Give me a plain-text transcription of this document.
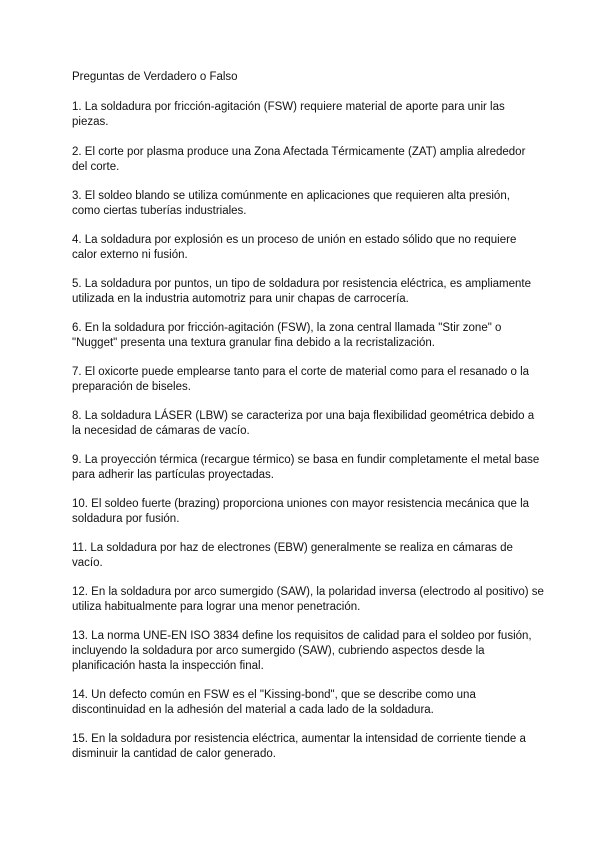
Preguntas de Verdadero o Falso
1. La soldadura por fricción-agitación (FSW) requiere material de aporte para unir las
piezas.
2. El corte por plasma produce una Zona Afectada Térmicamente (ZAT) amplia alrededor
del corte.
3. El soldeo blando se utiliza comúnmente en aplicaciones que requieren alta presión,
como ciertas tuberías industriales.
4. La soldadura por explosión es un proceso de unión en estado sólido que no requiere
calor externo ni fusión.
5. La soldadura por puntos, un tipo de soldadura por resistencia eléctrica, es ampliamente
utilizada en la industria automotriz para unir chapas de carrocería.
6. En la soldadura por fricción-agitación (FSW), la zona central llamada "Stir zone" o
"Nugget" presenta una textura granular fina debido a la recristalización.
7. El oxicorte puede emplearse tanto para el corte de material como para el resanado o la
preparación de biseles.
8. La soldadura LÁSER (LBW) se caracteriza por una baja flexibilidad geométrica debido a
la necesidad de cámaras de vacío.
9. La proyección térmica (recargue térmico) se basa en fundir completamente el metal base
para adherir las partículas proyectadas.
10. El soldeo fuerte (brazing) proporciona uniones con mayor resistencia mecánica que la
soldadura por fusión.
11. La soldadura por haz de electrones (EBW) generalmente se realiza en cámaras de
vacío.
12. En la soldadura por arco sumergido (SAW), la polaridad inversa (electrodo al positivo) se
utiliza habitualmente para lograr una menor penetración.
13. La norma UNE-EN ISO 3834 define los requisitos de calidad para el soldeo por fusión,
incluyendo la soldadura por arco sumergido (SAW), cubriendo aspectos desde la
planificación hasta la inspección final.
14. Un defecto común en FSW es el "Kissing-bond", que se describe como una
discontinuidad en la adhesión del material a cada lado de la soldadura.
15. En la soldadura por resistencia eléctrica, aumentar la intensidad de corriente tiende a
disminuir la cantidad de calor generado.
